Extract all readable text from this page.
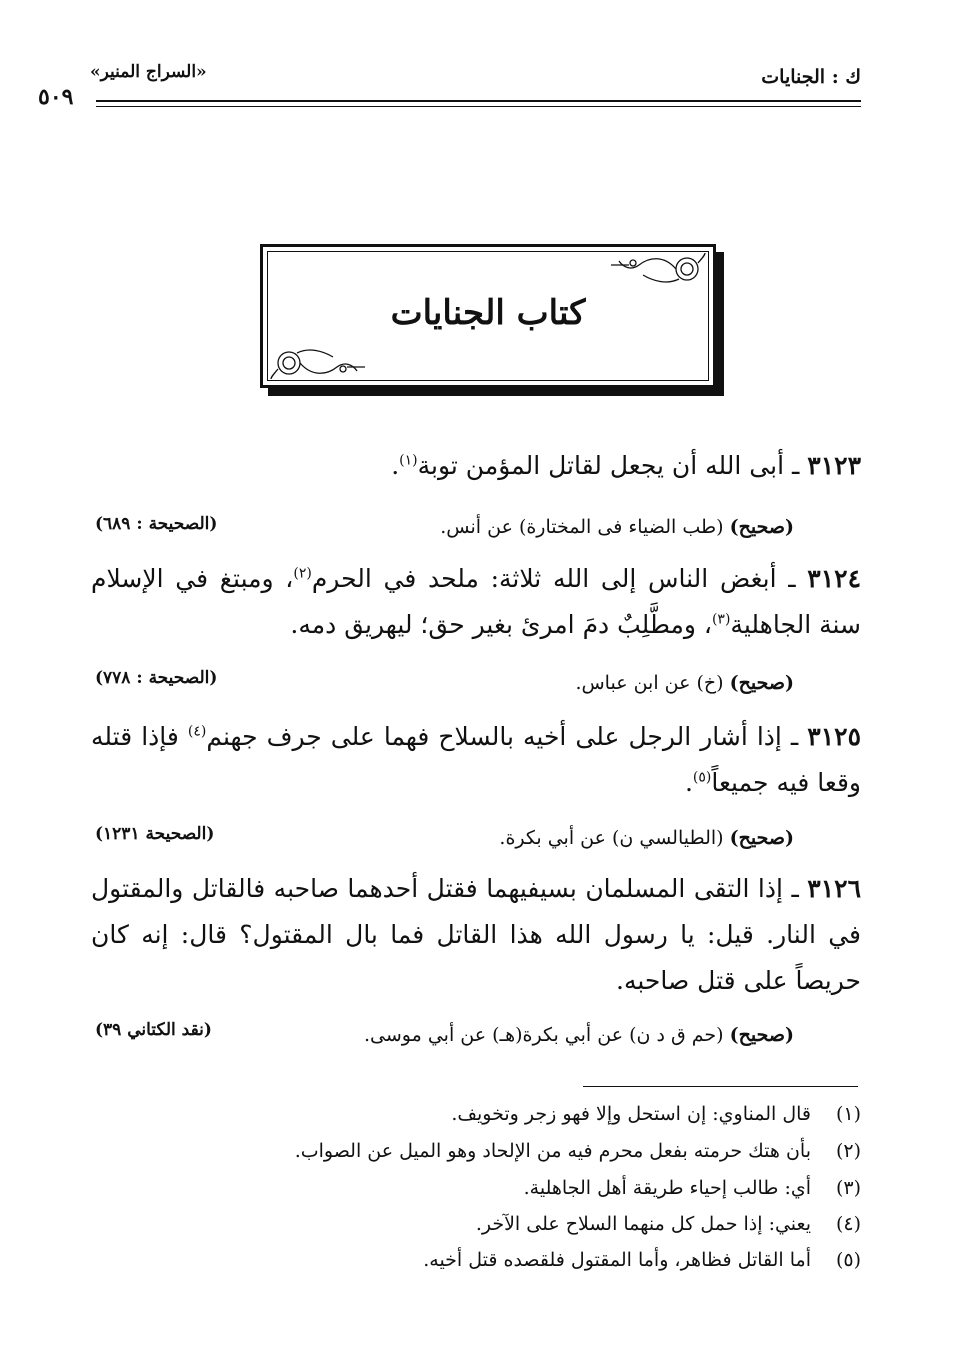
ك : الجنايات
«السراج المنير»
٥٠٩
كتاب الجنايات
٣١٢٣ ـ أبى الله أن يجعل لقاتل المؤمن توبة$^{(١)}$.
(صحيح) (طب الضياء فى المختارة) عن أنس.
(الصحيحة : ٦٨٩)
٣١٢٤ ـ أبغض الناس إلى الله ثلاثة: ملحد في الحرم$^{(٢)}$، ومبتغ في الإسلام
سنة الجاهلية$^{(٣)}$، ومطَّلِبٌ دمَ امرئ بغير حق؛ ليهريق دمه.
(صحيح) (خ) عن ابن عباس.
(الصحيحة : ٧٧٨)
٣١٢٥ ـ إذا أشار الرجل على أخيه بالسلاح فهما على جرف جهنم$^{(٤)}$ فإذا قتله
وقعا فيه جميعاً$^{(٥)}$.
(صحيح) (الطيالسي ن) عن أبي بكرة.
(الصحيحة ١٢٣١)
٣١٢٦ ـ إذا التقى المسلمان بسيفيهما فقتل أحدهما صاحبه فالقاتل والمقتول
في النار. قيل: يا رسول الله هذا القاتل فما بال المقتول؟ قال: إنه كان
حريصاً على قتل صاحبه.
(صحيح) (حم ق د ن) عن أبي بكرة(هـ) عن أبي موسى.
(نقد الكتاني ٣٩)
(١)قال المناوي: إن استحل وإلا فهو زجر وتخويف.
(٢)بأن هتك حرمته بفعل محرم فيه من الإلحاد وهو الميل عن الصواب.
(٣)أي: طالب إحياء طريقة أهل الجاهلية.
(٤)يعني: إذا حمل كل منهما السلاح على الآخر.
(٥)أما القاتل فظاهر، وأما المقتول فلقصده قتل أخيه.
